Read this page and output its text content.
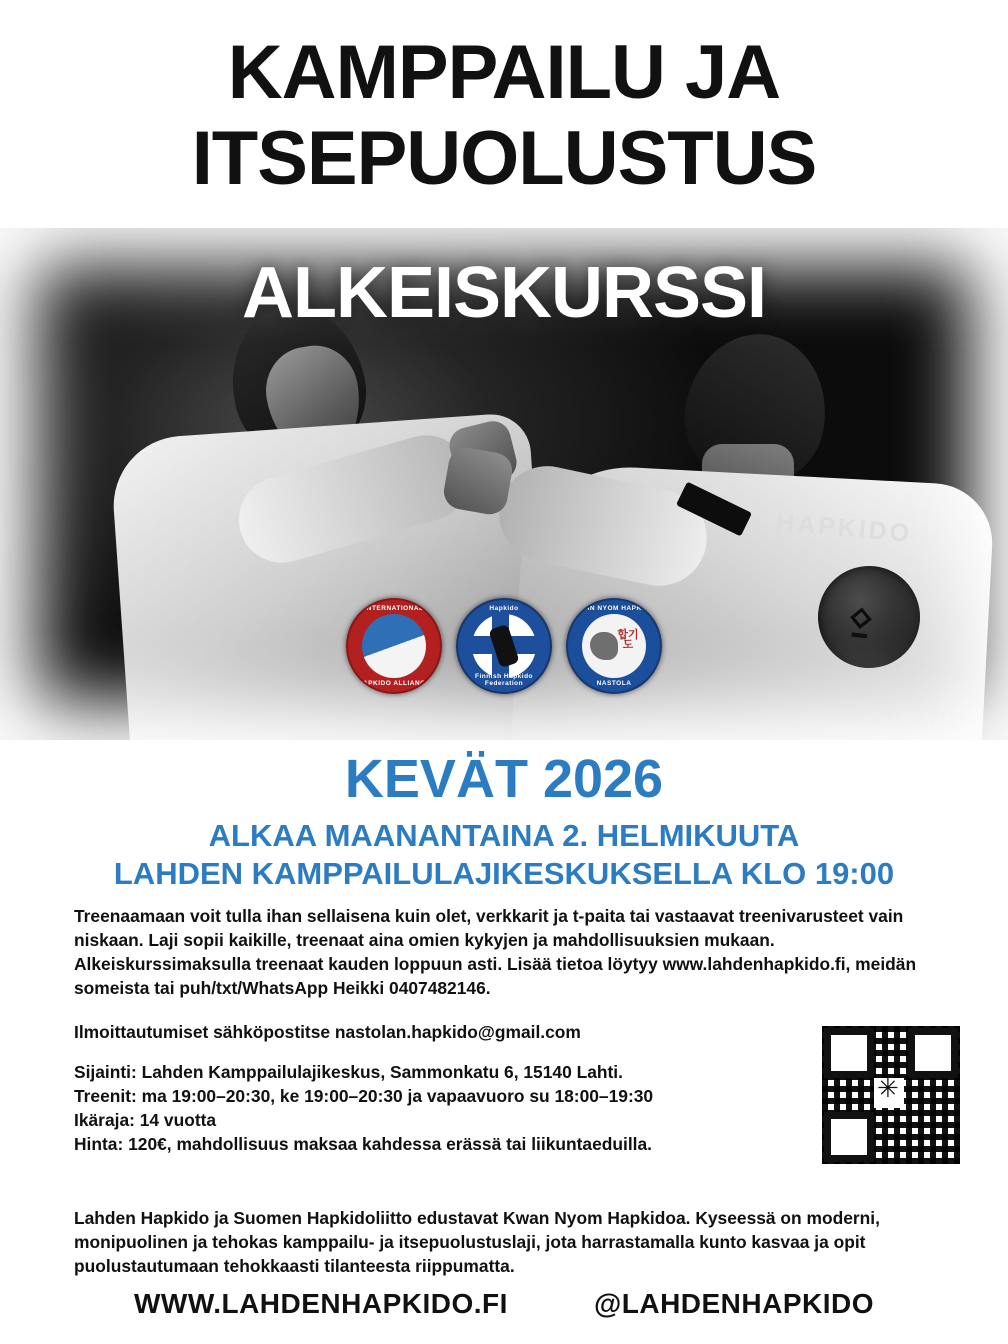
KAMPPAILU JA
ITSEPUOLUSTUS
HAPKIDO
⍚
FINLAND
ALKEISKURSSI
INTERNATIONAL
HAPKIDO ALLIANCE
Hapkido
Finnish Hapkido Federation
합기도
KWAN NYOM HAPKIDO
NASTOLA
KEVÄT 2026
ALKAA MAANANTAINA 2. HELMIKUUTA
LAHDEN KAMPPAILULAJIKESKUKSELLA KLO 19:00
Treenaamaan voit tulla ihan sellaisena kuin olet, verkkarit ja t-paita tai vastaavat treenivarusteet vain niskaan. Laji sopii kaikille, treenaat aina omien kykyjen ja mahdollisuuksien mukaan. Alkeiskurssimaksulla treenaat kauden loppuun asti. Lisää tietoa löytyy www.lahdenhapkido.fi, meidän someista tai puh/txt/WhatsApp Heikki 0407482146.
Ilmoittautumiset sähköpostitse nastolan.hapkido@gmail.com
Sijainti: Lahden Kamppailulajikeskus, Sammonkatu 6, 15140 Lahti.
Treenit: ma 19:00–20:30, ke 19:00–20:30 ja vapaavuoro su 18:00–19:30
Ikäraja: 14 vuotta
Hinta: 120€, mahdollisuus maksaa kahdessa erässä tai liikuntaeduilla.
✳
Lahden Hapkido ja Suomen Hapkidoliitto edustavat Kwan Nyom Hapkidoa. Kyseessä on moderni, monipuolinen ja tehokas kamppailu- ja itsepuolustuslaji, jota harrastamalla kunto kasvaa ja opit puolustautumaan tehokkaasti tilanteesta riippumatta.
WWW.LAHDENHAPKIDO.FI	@LAHDENHAPKIDO
